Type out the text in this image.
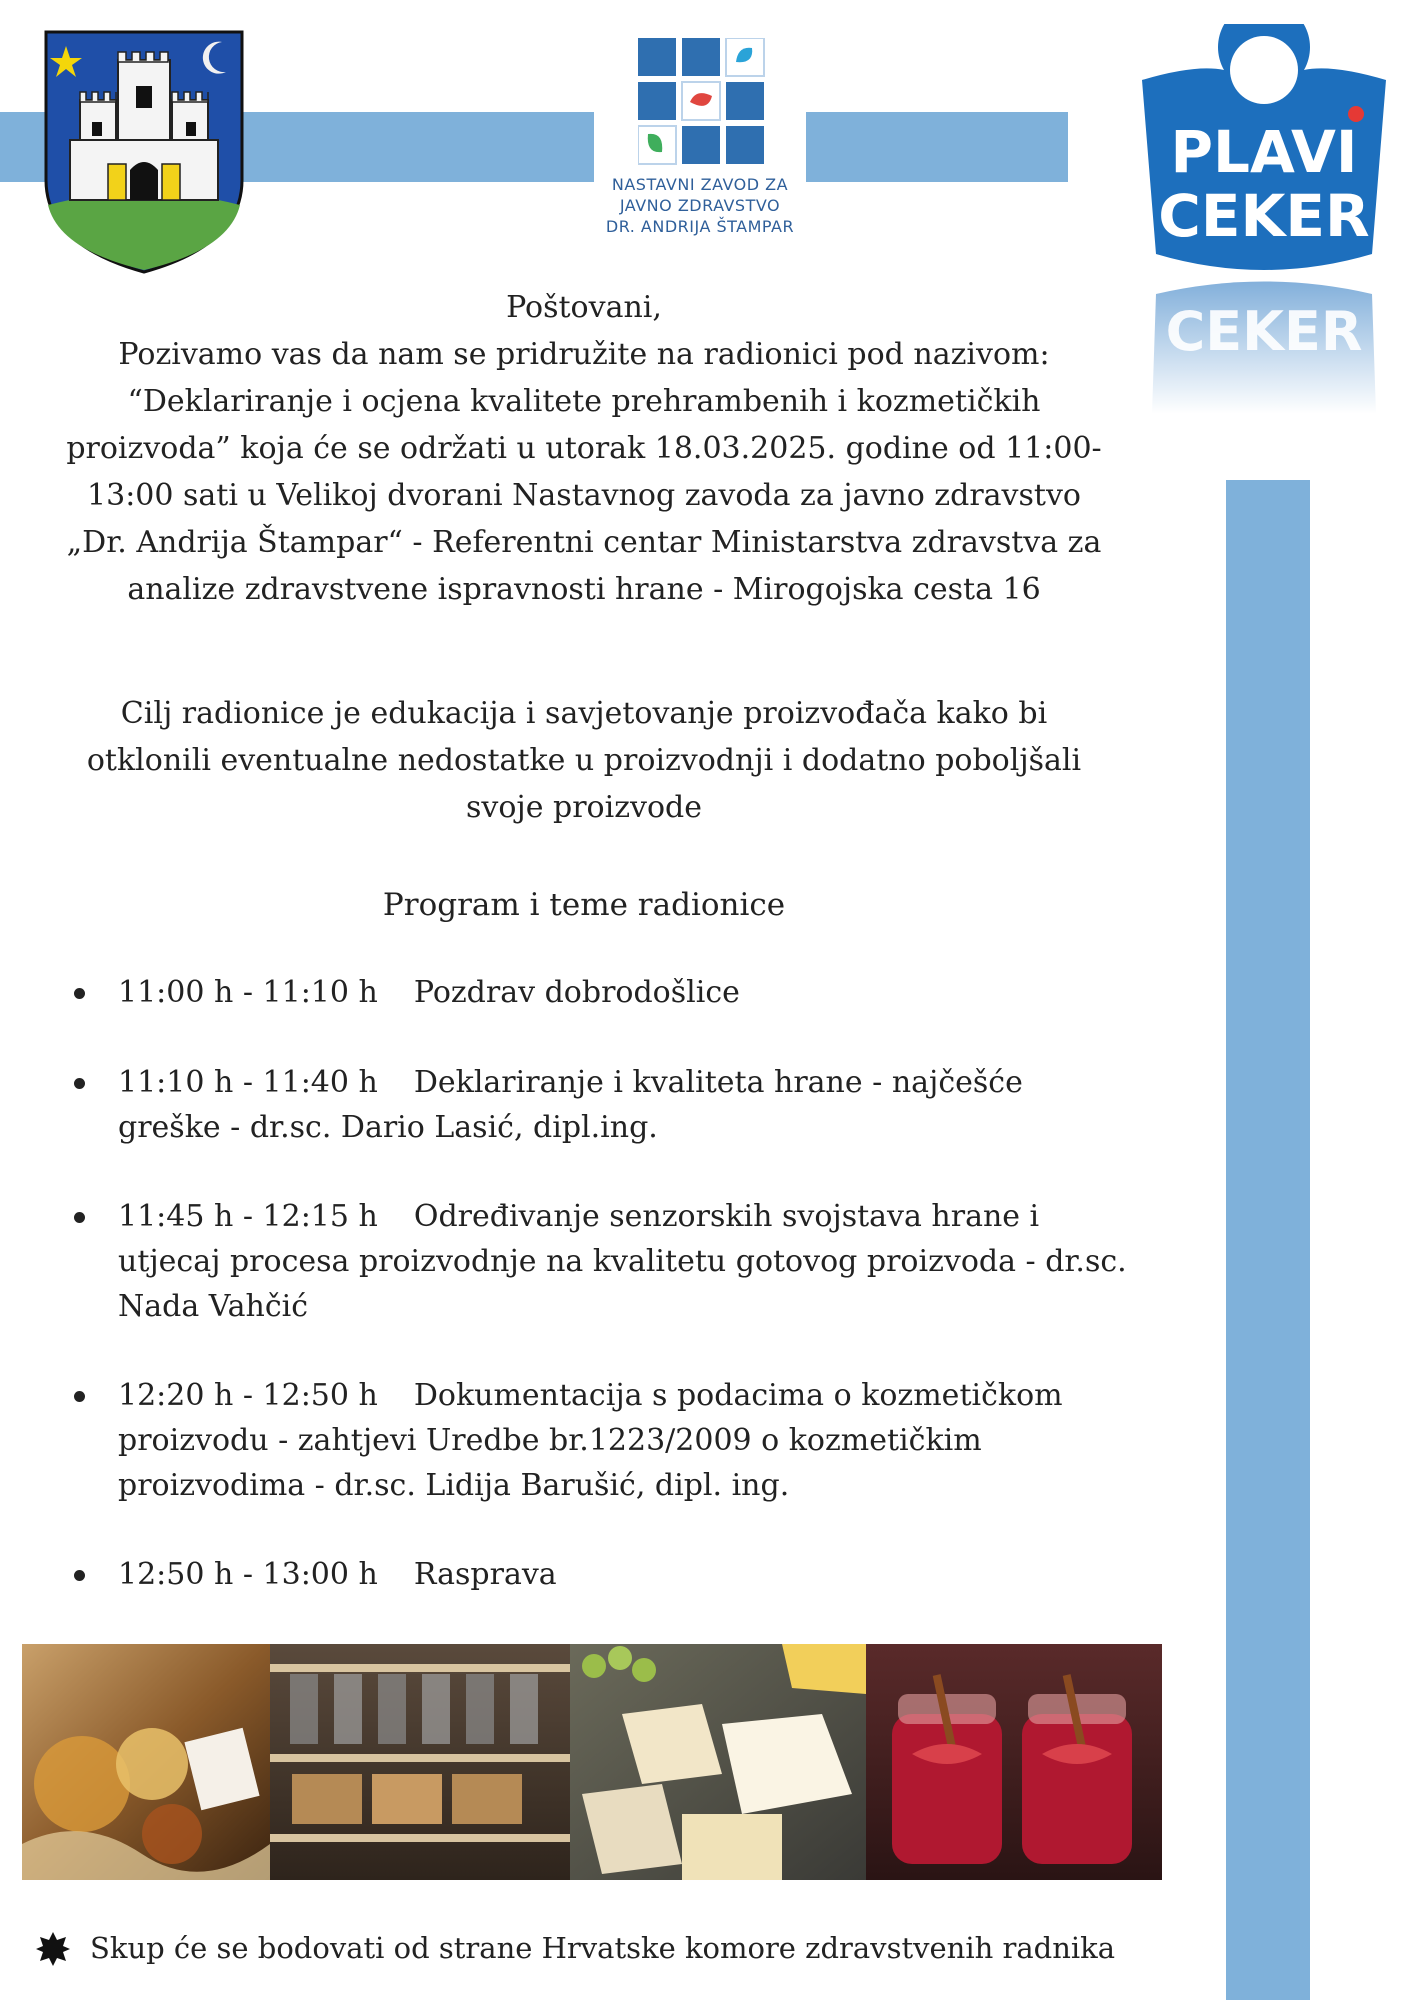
NASTAVNI ZAVOD ZA
JAVNO ZDRAVSTVO
DR. ANDRIJA ŠTAMPAR
PLAVI
CEKER
CEKER
Poštovani,
Pozivamo vas da nam se pridružite na radionici pod nazivom: “Deklariranje i ocjena kvalitete prehrambenih i kozmetičkih proizvoda” koja će se održati u utorak 18.03.2025. godine od 11:00-13:00 sati u Velikoj dvorani Nastavnog zavoda za javno zdravstvo „Dr. Andrija Štampar“ - Referentni centar Ministarstva zdravstva za analize zdravstvene ispravnosti hrane - Mirogojska cesta 16
Cilj radionice je edukacija i savjetovanje proizvođača kako bi otklonili eventualne nedostatke u proizvodnji i dodatno poboljšali svoje proizvode
Program i teme radionice
11:00 h - 11:10 h Pozdrav dobrodošlice
11:10 h - 11:40 h Deklariranje i kvaliteta hrane - najčešće greške - dr.sc. Dario Lasić, dipl.ing.
11:45 h - 12:15 h Određivanje senzorskih svojstava hrane i utjecaj procesa proizvodnje na kvalitetu gotovog proizvoda - dr.sc. Nada Vahčić
12:20 h - 12:50 h Dokumentacija s podacima o kozmetičkom proizvodu - zahtjevi Uredbe br.1223/2009 o kozmetičkim proizvodima - dr.sc. Lidija Barušić, dipl. ing.
12:50 h - 13:00 h Rasprava
Skup će se bodovati od strane Hrvatske komore zdravstvenih radnika
